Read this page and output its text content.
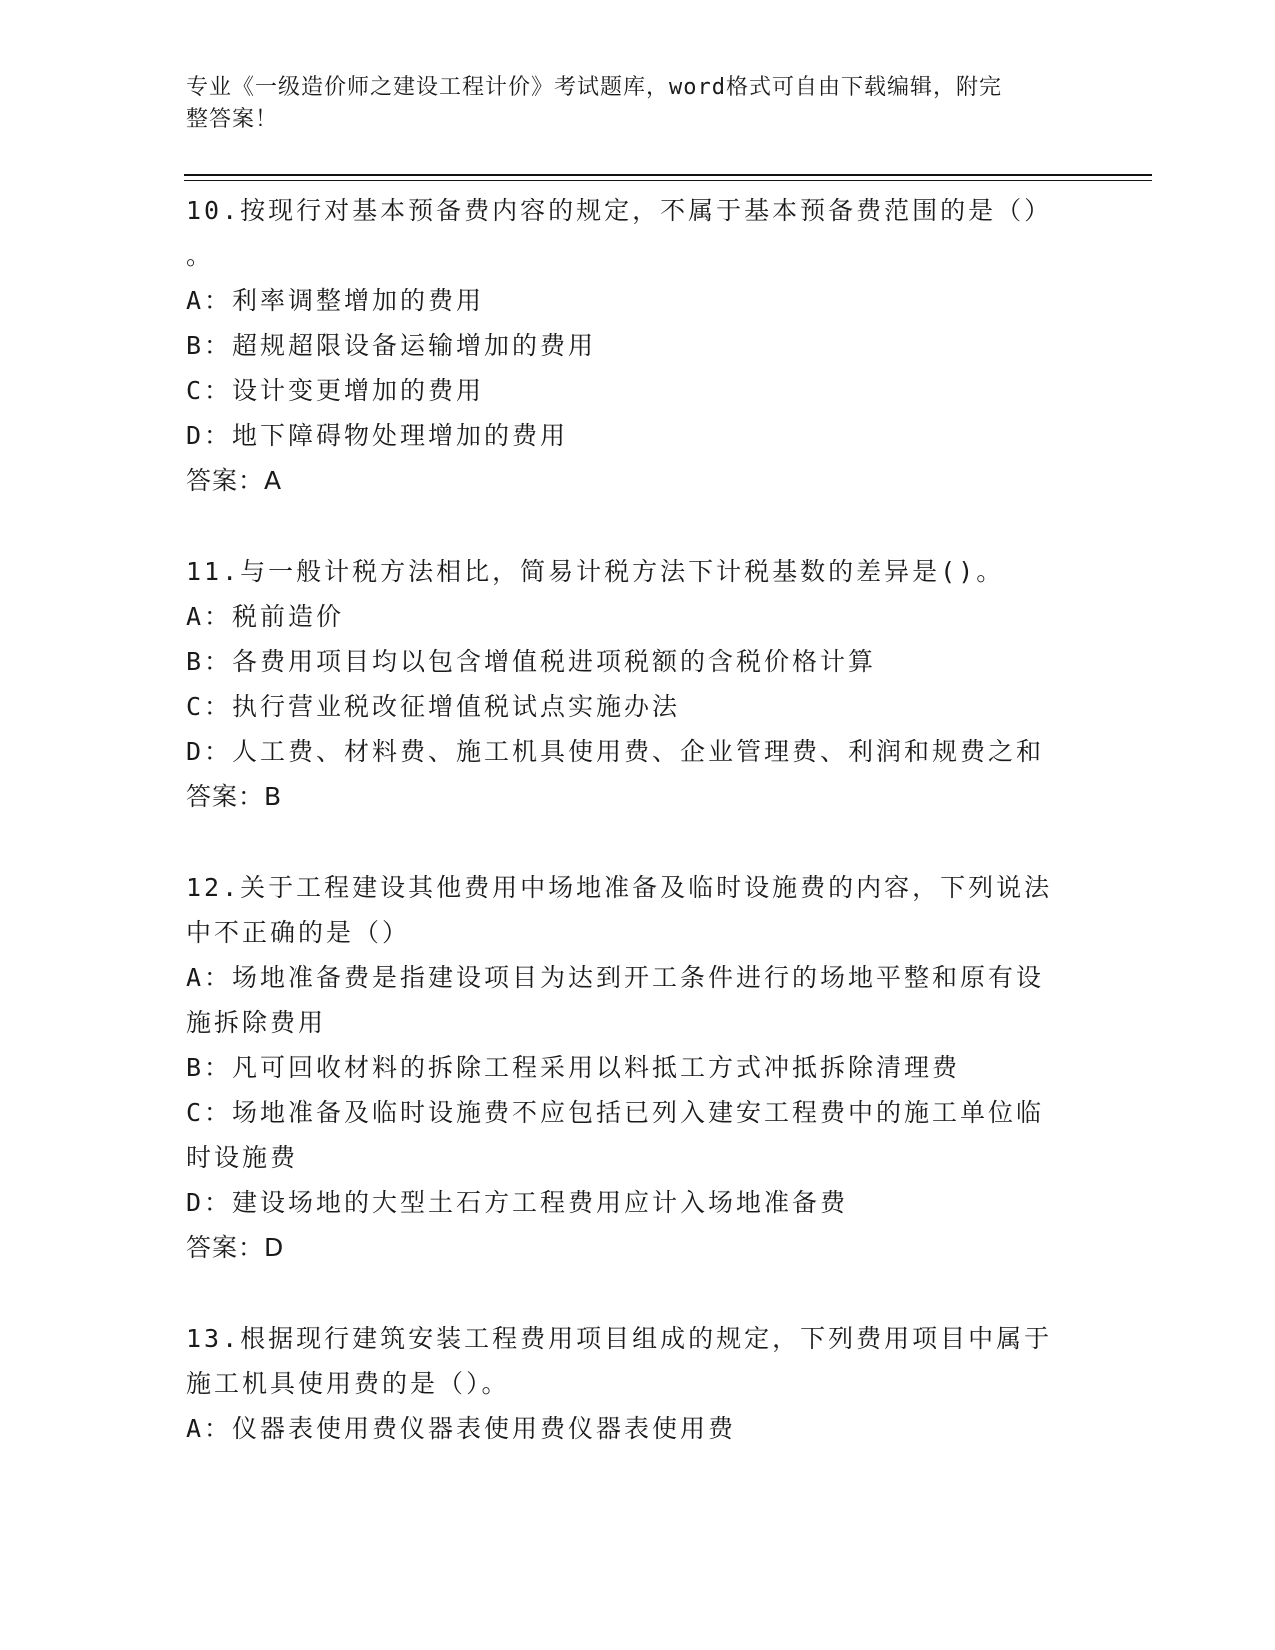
专业《一级造价师之建设工程计价》考试题库，word格式可自由下载编辑，附完
整答案！

10.按现行对基本预备费内容的规定，不属于基本预备费范围的是（）
。

A：利率调整增加的费用

B：超规超限设备运输增加的费用

C：设计变更增加的费用

D：地下障碍物处理增加的费用

答案：A

11.与一般计税方法相比，简易计税方法下计税基数的差异是()。

A：税前造价

B：各费用项目均以包含增值税进项税额的含税价格计算

C：执行营业税改征增值税试点实施办法

D：人工费、材料费、施工机具使用费、企业管理费、利润和规费之和

答案：B

12.关于工程建设其他费用中场地准备及临时设施费的内容，下列说法
中不正确的是（）

A：场地准备费是指建设项目为达到开工条件进行的场地平整和原有设
施拆除费用

B：凡可回收材料的拆除工程采用以料抵工方式冲抵拆除清理费

C：场地准备及临时设施费不应包括已列入建安工程费中的施工单位临
时设施费

D：建设场地的大型土石方工程费用应计入场地准备费

答案：D

13.根据现行建筑安装工程费用项目组成的规定，下列费用项目中属于
施工机具使用费的是（）。

A：仪器表使用费仪器表使用费仪器表使用费
